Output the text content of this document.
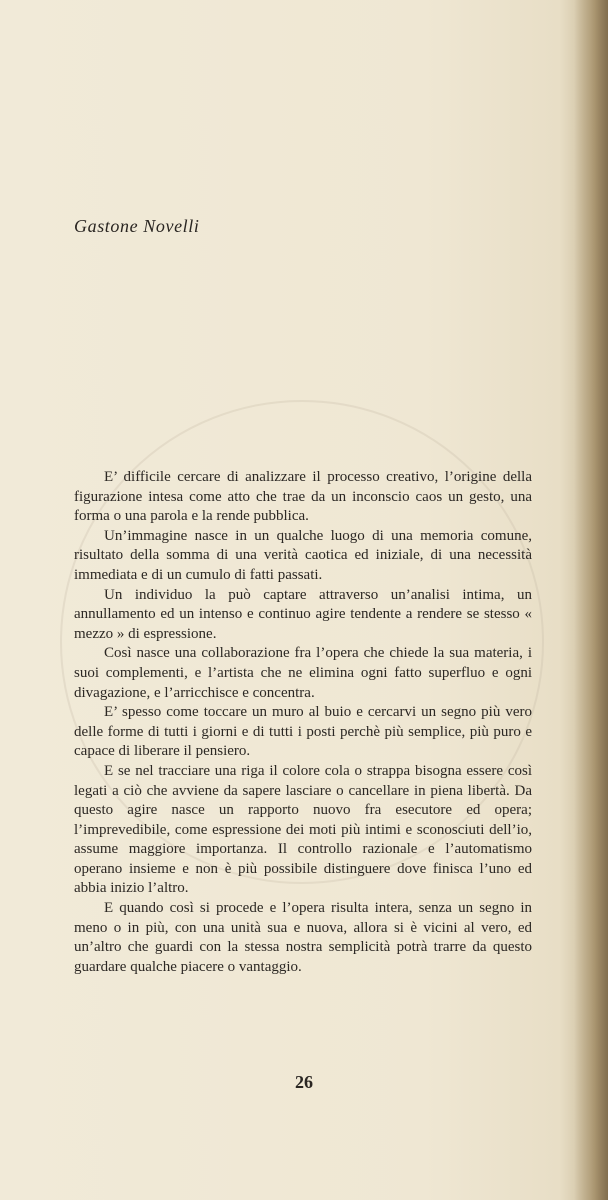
Gastone Novelli

E’ difficile cercare di analizzare il processo creativo, l’origine della figurazione intesa come atto che trae da un inconscio caos un gesto, una forma o una parola e la rende pubblica.

Un’immagine nasce in un qualche luogo di una memoria comune, risultato della somma di una verità caotica ed iniziale, di una necessità immediata e di un cumulo di fatti passati.

Un individuo la può captare attraverso un’analisi intima, un annullamento ed un intenso e continuo agire tendente a rendere se stesso « mezzo » di espressione.

Così nasce una collaborazione fra l’opera che chiede la sua materia, i suoi complementi, e l’artista che ne elimina ogni fatto superfluo e ogni divagazione, e l’arricchisce e concentra.

E’ spesso come toccare un muro al buio e cercarvi un segno più vero delle forme di tutti i giorni e di tutti i posti perchè più semplice, più puro e capace di liberare il pensiero.

E se nel tracciare una riga il colore cola o strappa bisogna essere così legati a ciò che avviene da sapere lasciare o cancellare in piena libertà. Da questo agire nasce un rapporto nuovo fra esecutore ed opera; l’imprevedibile, come espressione dei moti più intimi e sconosciuti dell’io, assume maggiore importanza. Il controllo razionale e l’automatismo operano insieme e non è più possibile distinguere dove finisca l’uno ed abbia inizio l’altro.

E quando così si procede e l’opera risulta intera, senza un segno in meno o in più, con una unità sua e nuova, allora si è vicini al vero, ed un’altro che guardi con la stessa nostra semplicità potrà trarre da questo guardare qualche piacere o vantaggio.

26
